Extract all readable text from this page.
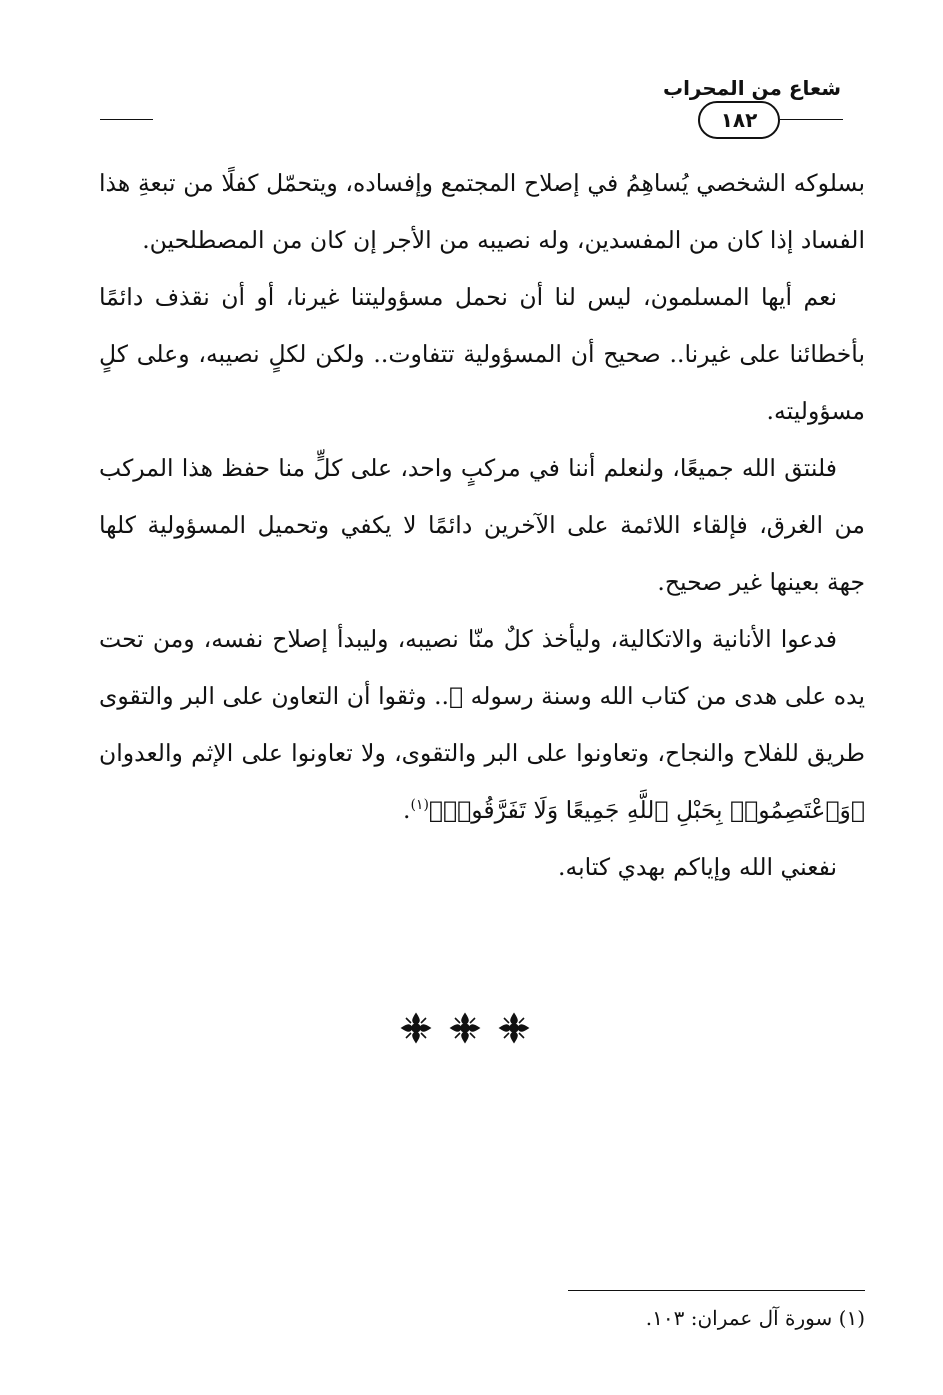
شعاع من المحراب
١٨٢

بسلوكه الشخصي يُساهِمُ في إصلاح المجتمع وإفساده، ويتحمّل كفلًا من تبعةِ هذا الفساد إذا كان من المفسدين، وله نصيبه من الأجر إن كان من المصطلحين.

نعم أيها المسلمون، ليس لنا أن نحمل مسؤوليتنا غيرنا، أو أن نقذف دائمًا بأخطائنا على غيرنا.. صحيح أن المسؤولية تتفاوت.. ولكن لكلٍ نصيبه، وعلى كلٍ مسؤوليته.

فلنتق الله جميعًا، ولنعلم أننا في مركبٍ واحد، على كلٍّ منا حفظ هذا المركب من الغرق، فإلقاء اللائمة على الآخرين دائمًا لا يكفي وتحميل المسؤولية كلها جهة بعينها غير صحيح.

فدعوا الأنانية والاتكالية، وليأخذ كلٌ منّا نصيبه، وليبدأ إصلاح نفسه، ومن تحت يده على هدى من كتاب الله وسنة رسوله ﷺ.. وثقوا أن التعاون على البر والتقوى طريق للفلاح والنجاح، وتعاونوا على البر والتقوى، ولا تعاونوا على الإثم والعدوان ﴿وَٱعْتَصِمُوا۟ بِحَبْلِ ٱللَّهِ جَمِيعًا وَلَا تَفَرَّقُوا۟﴾$^{(١)}$.

نفعني الله وإياكم بهدي كتابه.

(١) سورة آل عمران: ١٠٣.
